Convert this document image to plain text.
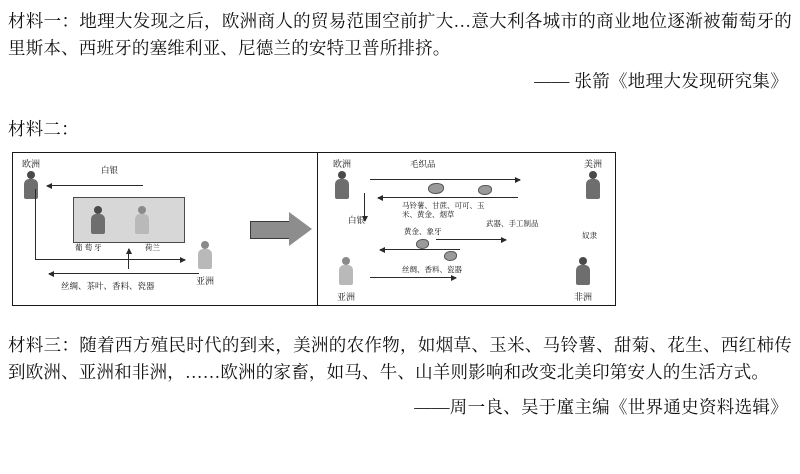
材料一：地理大发现之后，欧洲商人的贸易范围空前扩大…意大利各城市的商业地位逐渐被葡萄牙的里斯本、西班牙的塞维利亚、尼德兰的安特卫普所排挤。

—— 张箭《地理大发现研究集》

材料二：

欧洲
亚洲
白银
葡 萄 牙	荷兰
丝绸、茶叶、香料、瓷器
欧洲	美洲
亚洲	非洲
毛织品
马铃薯、甘蔗、可可、玉米、黄金、烟草
白银
黄金、象牙
武器、手工制品
奴隶
丝绸、香料、瓷器

材料三：随着西方殖民时代的到来，美洲的农作物，如烟草、玉米、马铃薯、甜菊、花生、西红柿传到欧洲、亚洲和非洲，……欧洲的家畜，如马、牛、山羊则影响和改变北美印第安人的生活方式。

——周一良、吴于廑主编《世界通史资料选辑》
